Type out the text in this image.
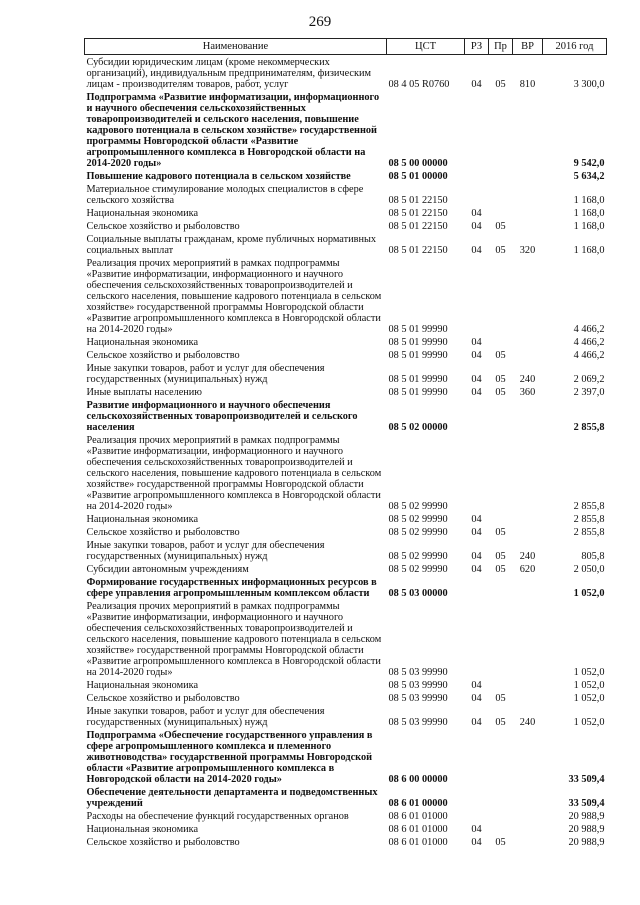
269
Наименование	ЦСТ	РЗ	Пр	ВР	2016 год
Субсидии юридическим лицам (кроме некоммерческих организаций), индивидуальным предпринимателям, физическим лицам - производителям товаров, работ, услуг	08 4 05 R0760	04	05	810	3 300,0
Подпрограмма «Развитие информатизации, информационного и научного обеспечения сельскохозяйственных товаропроизводителей и сельского населения, повышение кадрового потенциала в сельском хозяйстве» государственной программы Новгородской области «Развитие агропромышленного комплекса в Новгородской области на 2014-2020 годы»	08 5 00 00000				9 542,0
Повышение кадрового потенциала в сельском хозяйстве	08 5 01 00000				5 634,2
Материальное стимулирование молодых специалистов в сфере сельского хозяйства	08 5 01 22150				1 168,0
Национальная экономика	08 5 01 22150	04			1 168,0
Сельское хозяйство и рыболовство	08 5 01 22150	04	05		1 168,0
Социальные выплаты гражданам, кроме публичных нормативных социальных выплат	08 5 01 22150	04	05	320	1 168,0
Реализация прочих мероприятий в рамках подпрограммы «Развитие информатизации, информационного и научного обеспечения сельскохозяйственных товаропроизводителей и сельского населения, повышение кадрового потенциала в сельском хозяйстве» государственной программы Новгородской области «Развитие агропромышленного комплекса в Новгородской области на 2014-2020 годы»	08 5 01 99990				4 466,2
Национальная экономика	08 5 01 99990	04			4 466,2
Сельское хозяйство и рыболовство	08 5 01 99990	04	05		4 466,2
Иные закупки товаров, работ и услуг для обеспечения государственных (муниципальных) нужд	08 5 01 99990	04	05	240	2 069,2
Иные выплаты населению	08 5 01 99990	04	05	360	2 397,0
Развитие информационного и научного обеспечения сельскохозяйственных товаропроизводителей и сельского населения	08 5 02 00000				2 855,8
Реализация прочих мероприятий в рамках подпрограммы «Развитие информатизации, информационного и научного обеспечения сельскохозяйственных товаропроизводителей и сельского населения, повышение кадрового потенциала в сельском хозяйстве» государственной программы Новгородской области «Развитие агропромышленного комплекса в Новгородской области на 2014-2020 годы»	08 5 02 99990				2 855,8
Национальная экономика	08 5 02 99990	04			2 855,8
Сельское хозяйство и рыболовство	08 5 02 99990	04	05		2 855,8
Иные закупки товаров, работ и услуг для обеспечения государственных (муниципальных) нужд	08 5 02 99990	04	05	240	805,8
Субсидии автономным учреждениям	08 5 02 99990	04	05	620	2 050,0
Формирование государственных информационных ресурсов в сфере управления агропромышленным комплексом области	08 5 03 00000				1 052,0
Реализация прочих мероприятий в рамках подпрограммы «Развитие информатизации, информационного и научного обеспечения сельскохозяйственных товаропроизводителей и сельского населения, повышение кадрового потенциала в сельском хозяйстве» государственной программы Новгородской области «Развитие агропромышленного комплекса в Новгородской области на 2014-2020 годы»	08 5 03 99990				1 052,0
Национальная экономика	08 5 03 99990	04			1 052,0
Сельское хозяйство и рыболовство	08 5 03 99990	04	05		1 052,0
Иные закупки товаров, работ и услуг для обеспечения государственных (муниципальных) нужд	08 5 03 99990	04	05	240	1 052,0
Подпрограмма «Обеспечение государственного управления в сфере агропромышленного комплекса и племенного животноводства» государственной программы Новгородской области «Развитие агропромышленного комплекса в Новгородской области на 2014-2020 годы»	08 6 00 00000				33 509,4
Обеспечение деятельности департамента и подведомственных учреждений	08 6 01 00000				33 509,4
Расходы на обеспечение функций государственных органов	08 6 01 01000				20 988,9
Национальная экономика	08 6 01 01000	04			20 988,9
Сельское хозяйство и рыболовство	08 6 01 01000	04	05		20 988,9
